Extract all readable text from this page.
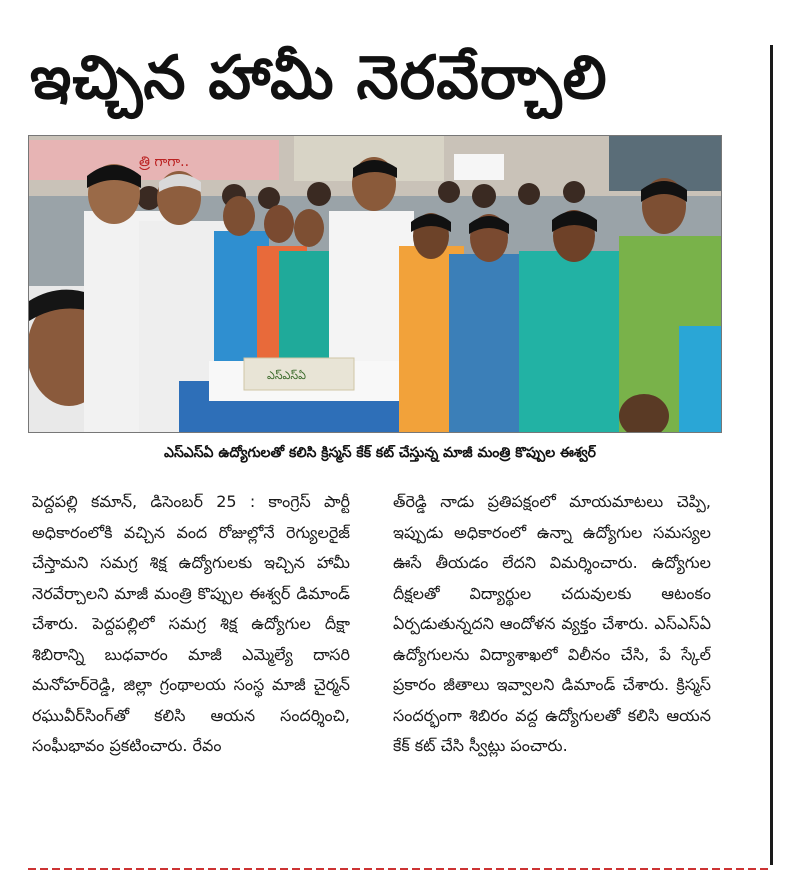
ఇచ్చిన హామీ నెరవేర్చాలి
త్రి గాగా..
ఎస్ఎస్ఏ
ఎస్ఎస్ఏ ఉద్యోగులతో కలిసి క్రిస్మస్ కేక్ కట్ చేస్తున్న మాజీ మంత్రి కొప్పుల ఈశ్వర్
పెద్దపల్లి కమాన్, డిసెంబర్ 25 : కాంగ్రెస్ పార్టీ అధికారంలోకి వచ్చిన వంద రోజుల్లోనే రెగ్యులరైజ్ చేస్తామని సమగ్ర శిక్ష ఉద్యోగులకు ఇచ్చిన హామీ నెరవేర్చాలని మాజీ మంత్రి కొప్పుల ఈశ్వర్ డిమాండ్ చేశారు. పెద్దపల్లిలో సమగ్ర శిక్ష ఉద్యోగుల దీక్షా శిబిరాన్ని బుధవారం మాజీ ఎమ్మెల్యే దాసరి మనోహర్‌రెడ్డి, జిల్లా గ్రంథాలయ సంస్థ మాజీ చైర్మన్ రఘువీర్‌సింగ్‌తో కలిసి ఆయన సందర్శించి, సంఘీభావం ప్రకటించారు. రేవం
త్‌రెడ్డి నాడు ప్రతిపక్షంలో మాయమాటలు చెప్పి, ఇప్పుడు అధికారంలో ఉన్నా ఉద్యోగుల సమస్యల ఊసే తీయడం లేదని విమర్శించారు. ఉద్యోగుల దీక్షలతో విద్యార్థుల చదువులకు ఆటంకం ఏర్పడుతున్నదని ఆందోళన వ్యక్తం చేశారు. ఎస్ఎస్ఏ ఉద్యోగులను విద్యాశాఖలో విలీనం చేసి, పే స్కేల్ ప్రకారం జీతాలు ఇవ్వాలని డిమాండ్ చేశారు. క్రిస్మస్ సందర్భంగా శిబిరం వద్ద ఉద్యోగులతో కలిసి ఆయన కేక్ కట్ చేసి స్వీట్లు పంచారు.
